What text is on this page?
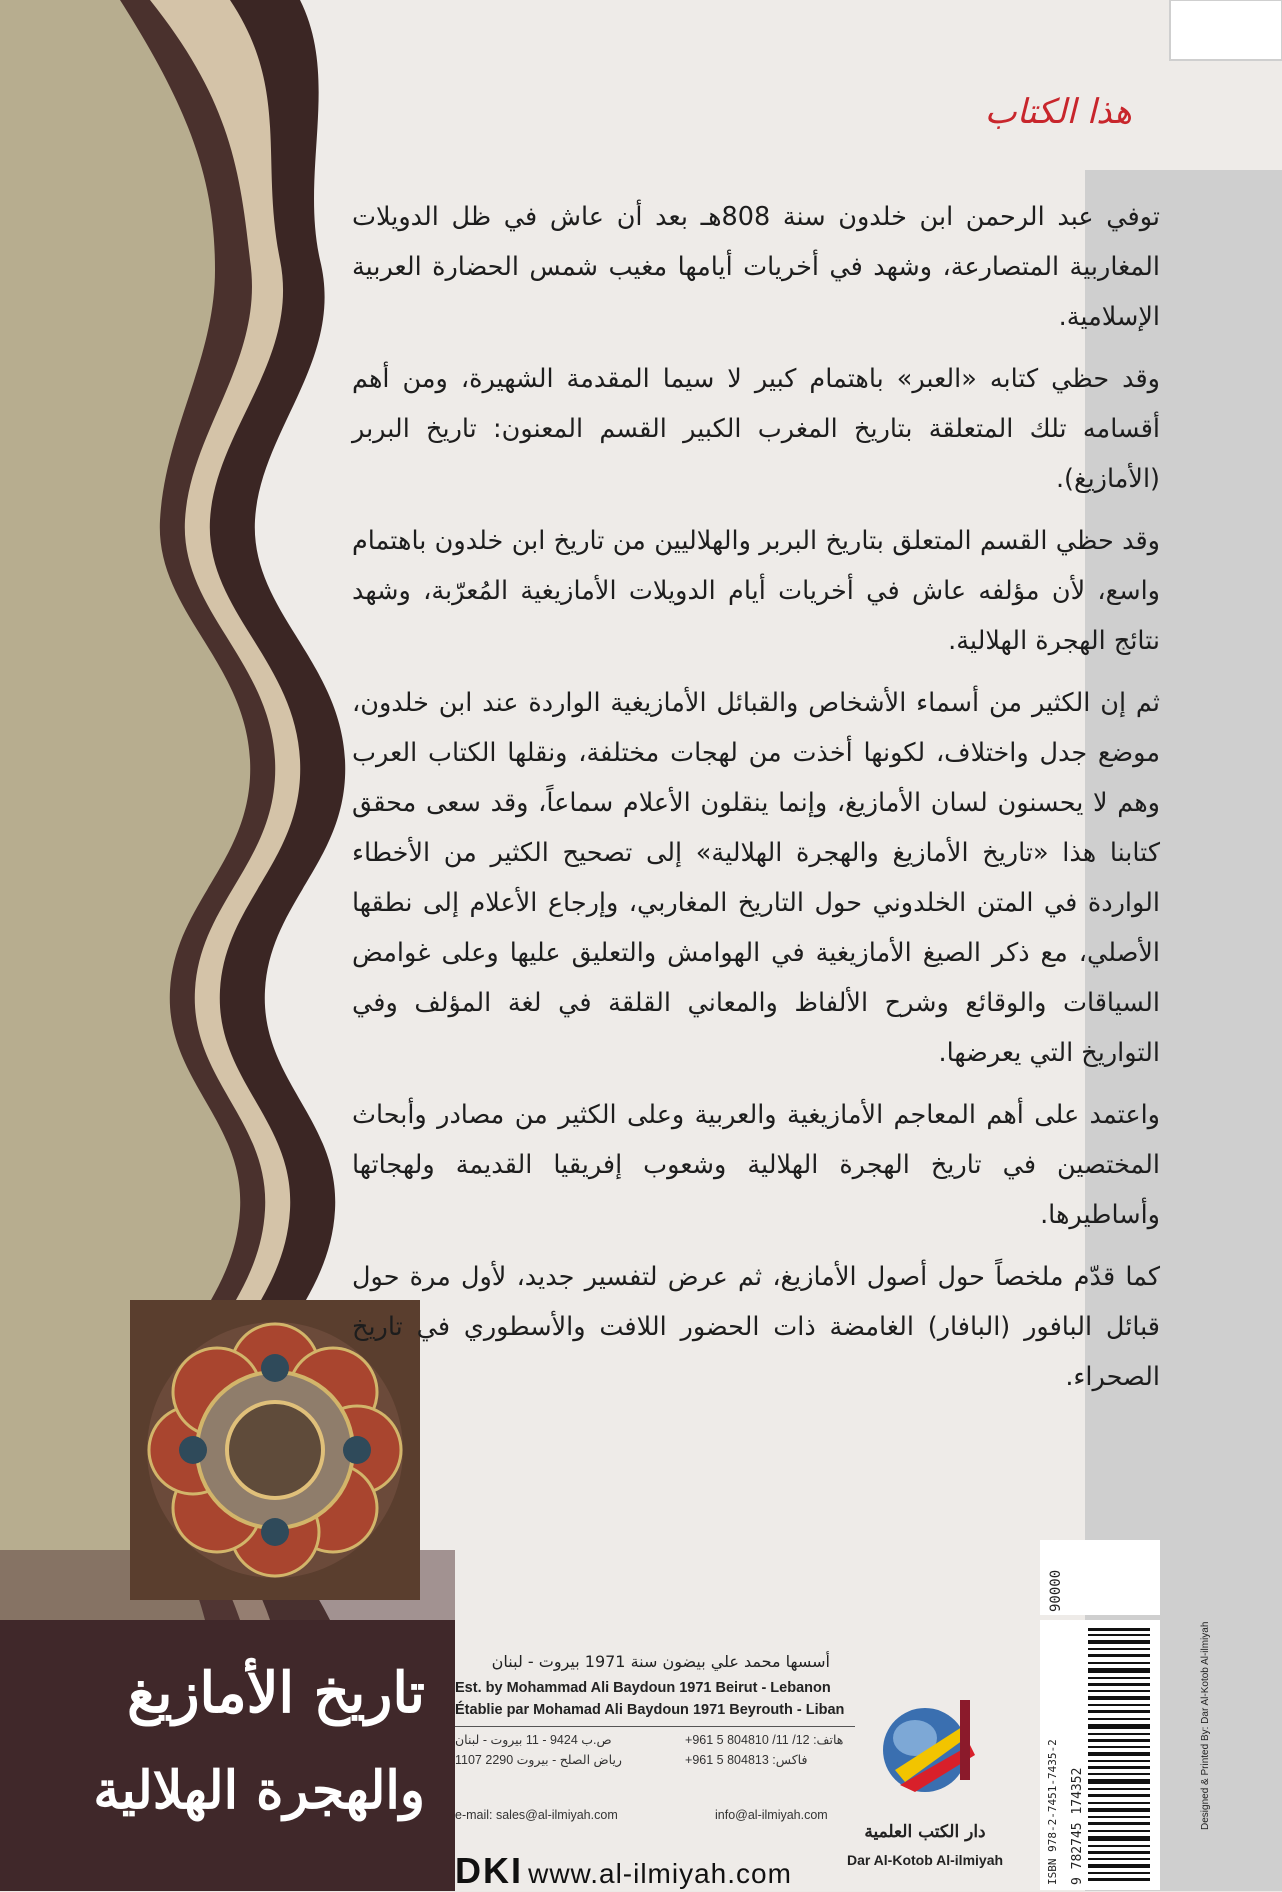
هذا الكتاب

توفي عبد الرحمن ابن خلدون سنة 808هـ بعد أن عاش في ظل الدويلات المغاربية المتصارعة، وشهد في أخريات أيامها مغيب شمس الحضارة العربية الإسلامية.

وقد حظي كتابه «العبر» باهتمام كبير لا سيما المقدمة الشهيرة، ومن أهم أقسامه تلك المتعلقة بتاريخ المغرب الكبير القسم المعنون: تاريخ البربر (الأمازيغ).

وقد حظي القسم المتعلق بتاريخ البربر والهلاليين من تاريخ ابن خلدون باهتمام واسع، لأن مؤلفه عاش في أخريات أيام الدويلات الأمازيغية المُعرّبة، وشهد نتائج الهجرة الهلالية.

ثم إن الكثير من أسماء الأشخاص والقبائل الأمازيغية الواردة عند ابن خلدون، موضع جدل واختلاف، لكونها أخذت من لهجات مختلفة، ونقلها الكتاب العرب وهم لا يحسنون لسان الأمازيغ، وإنما ينقلون الأعلام سماعاً، وقد سعى محقق كتابنا هذا «تاريخ الأمازيغ والهجرة الهلالية» إلى تصحيح الكثير من الأخطاء الواردة في المتن الخلدوني حول التاريخ المغاربي، وإرجاع الأعلام إلى نطقها الأصلي، مع ذكر الصيغ الأمازيغية في الهوامش والتعليق عليها وعلى غوامض السياقات والوقائع وشرح الألفاظ والمعاني القلقة في لغة المؤلف وفي التواريخ التي يعرضها.

واعتمد على أهم المعاجم الأمازيغية والعربية وعلى الكثير من مصادر وأبحاث المختصين في تاريخ الهجرة الهلالية وشعوب إفريقيا القديمة ولهجاتها وأساطيرها.

كما قدّم ملخصاً حول أصول الأمازيغ، ثم عرض لتفسير جديد، لأول مرة حول قبائل البافور (البافار) الغامضة ذات الحضور اللافت والأسطوري في تاريخ الصحراء.

تاريخ الأمازيغ
والهجرة الهلالية
أسسها محمد علي بيضون سنة 1971 بيروت - لبنان
Est. by Mohammad Ali Baydoun 1971 Beirut - Lebanon
Établie par Mohamad Ali Baydoun 1971 Beyrouth - Liban
هاتف: 12/ 11/ 804810 5 961+
فاكس: 804813 5 961+
ص.ب 9424 - 11 بيروت - لبنان
رياض الصلح - بيروت 2290 1107
e-mail: sales@al-ilmiyah.com	info@al-ilmiyah.com
DKI www.al-ilmiyah.com
دار الكتب العلمية
Dar Al-Kotob Al-ilmiyah	9 782745 174352
ISBN 978-2-7451-7435-2
90000
Designed & Printed By: Dar Al-Kotob Al-ilmiyah
